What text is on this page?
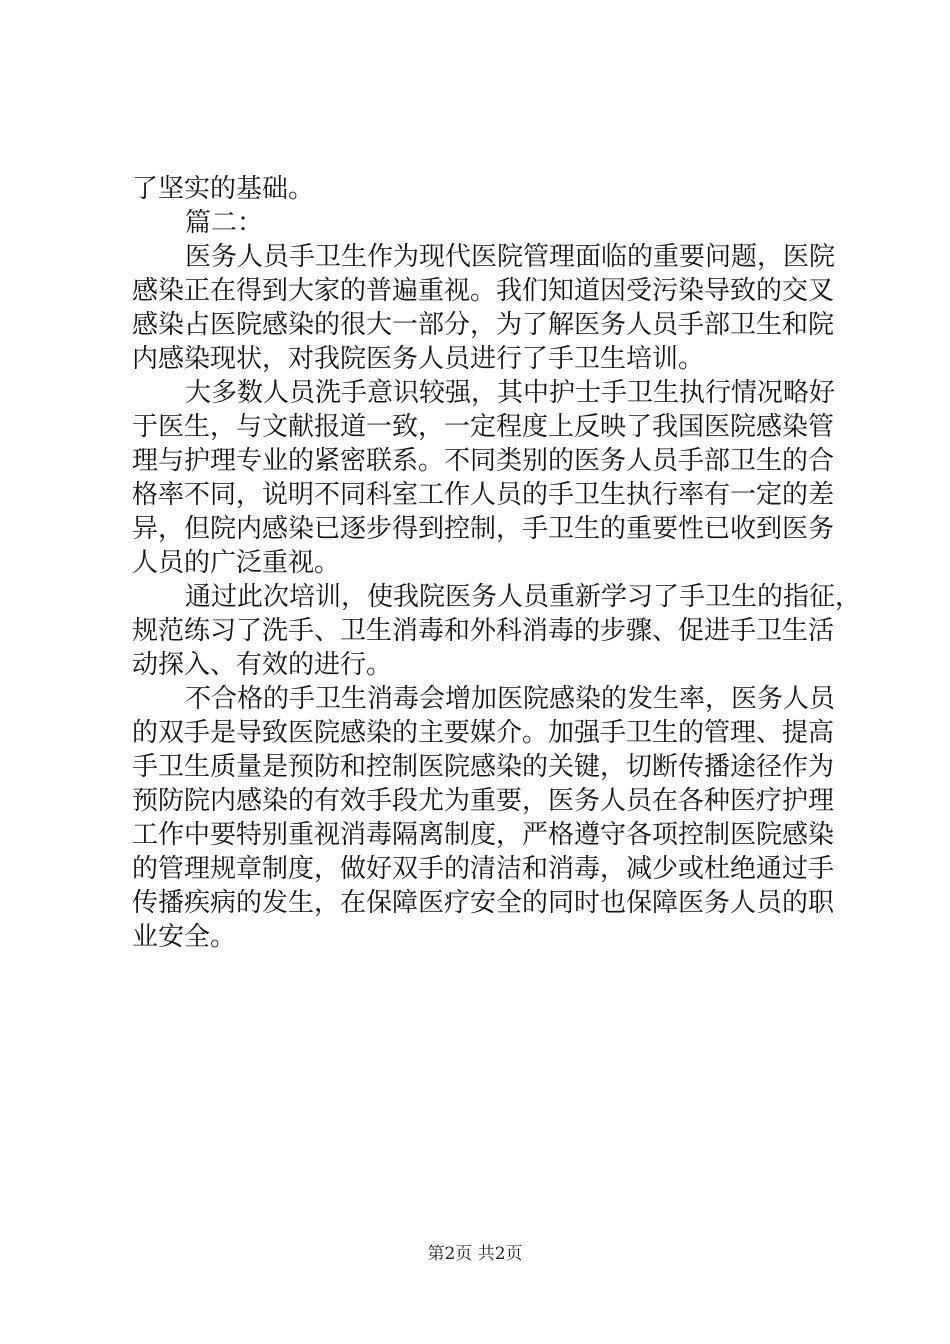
了坚实的基础。
篇二：
医务人员手卫生作为现代医院管理面临的重要问题，医院
感染正在得到大家的普遍重视。我们知道因受污染导致的交叉
感染占医院感染的很大一部分，为了解医务人员手部卫生和院
内感染现状，对我院医务人员进行了手卫生培训。
大多数人员洗手意识较强，其中护士手卫生执行情况略好
于医生，与文献报道一致，一定程度上反映了我国医院感染管
理与护理专业的紧密联系。不同类别的医务人员手部卫生的合
格率不同，说明不同科室工作人员的手卫生执行率有一定的差
异，但院内感染已逐步得到控制，手卫生的重要性已收到医务
人员的广泛重视。
通过此次培训，使我院医务人员重新学习了手卫生的指征，
规范练习了洗手、卫生消毒和外科消毒的步骤、促进手卫生活
动探入、有效的进行。
不合格的手卫生消毒会增加医院感染的发生率，医务人员
的双手是导致医院感染的主要媒介。加强手卫生的管理、提高
手卫生质量是预防和控制医院感染的关键，切断传播途径作为
预防院内感染的有效手段尤为重要，医务人员在各种医疗护理
工作中要特别重视消毒隔离制度，严格遵守各项控制医院感染
的管理规章制度，做好双手的清洁和消毒，减少或杜绝通过手
传播疾病的发生，在保障医疗安全的同时也保障医务人员的职
业安全。
第2页 共2页
